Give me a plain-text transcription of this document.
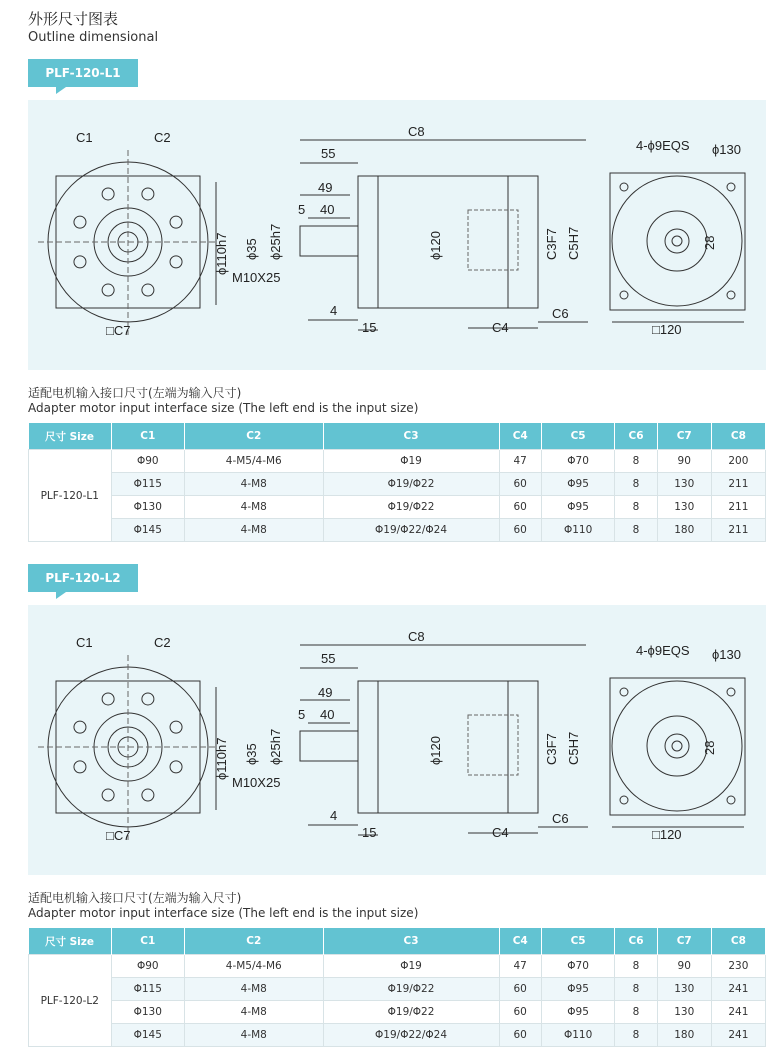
外形尺寸图表
Outline dimensional
PLF-120-L1
C1	C2
□C7
ϕ110h7
C8
55
49
5 40
ϕ35 ϕ25h7
M10X25
4
15
ϕ120	C3F7 C5H7
C4
C6
4-ϕ9EQS ϕ130
28
□120
适配电机输入接口尺寸(左端为输入尺寸)
Adapter motor input interface size (The left end is the input size)
尺寸 Size	C1	C2	C3	C4	C5	C6	C7	C8
PLF-120-L1	Φ90	4-M5/4-M6	Φ19	47	Φ70	8	90	200
	Φ115	4-M8	Φ19/Φ22	60	Φ95	8	130	211
	Φ130	4-M8	Φ19/Φ22	60	Φ95	8	130	211
	Φ145	4-M8	Φ19/Φ22/Φ24	60	Φ110	8	180	211
PLF-120-L2
C1	C2
□C7
ϕ110h7
C8
55
49
5 40
ϕ35 ϕ25h7
M10X25
4
15
ϕ120	C3F7 C5H7
C4
C6
4-ϕ9EQS ϕ130
28
□120
适配电机输入接口尺寸(左端为输入尺寸)
Adapter motor input interface size (The left end is the input size)
尺寸 Size	C1	C2	C3	C4	C5	C6	C7	C8
PLF-120-L2	Φ90	4-M5/4-M6	Φ19	47	Φ70	8	90	230
	Φ115	4-M8	Φ19/Φ22	60	Φ95	8	130	241
	Φ130	4-M8	Φ19/Φ22	60	Φ95	8	130	241
	Φ145	4-M8	Φ19/Φ22/Φ24	60	Φ110	8	180	241
